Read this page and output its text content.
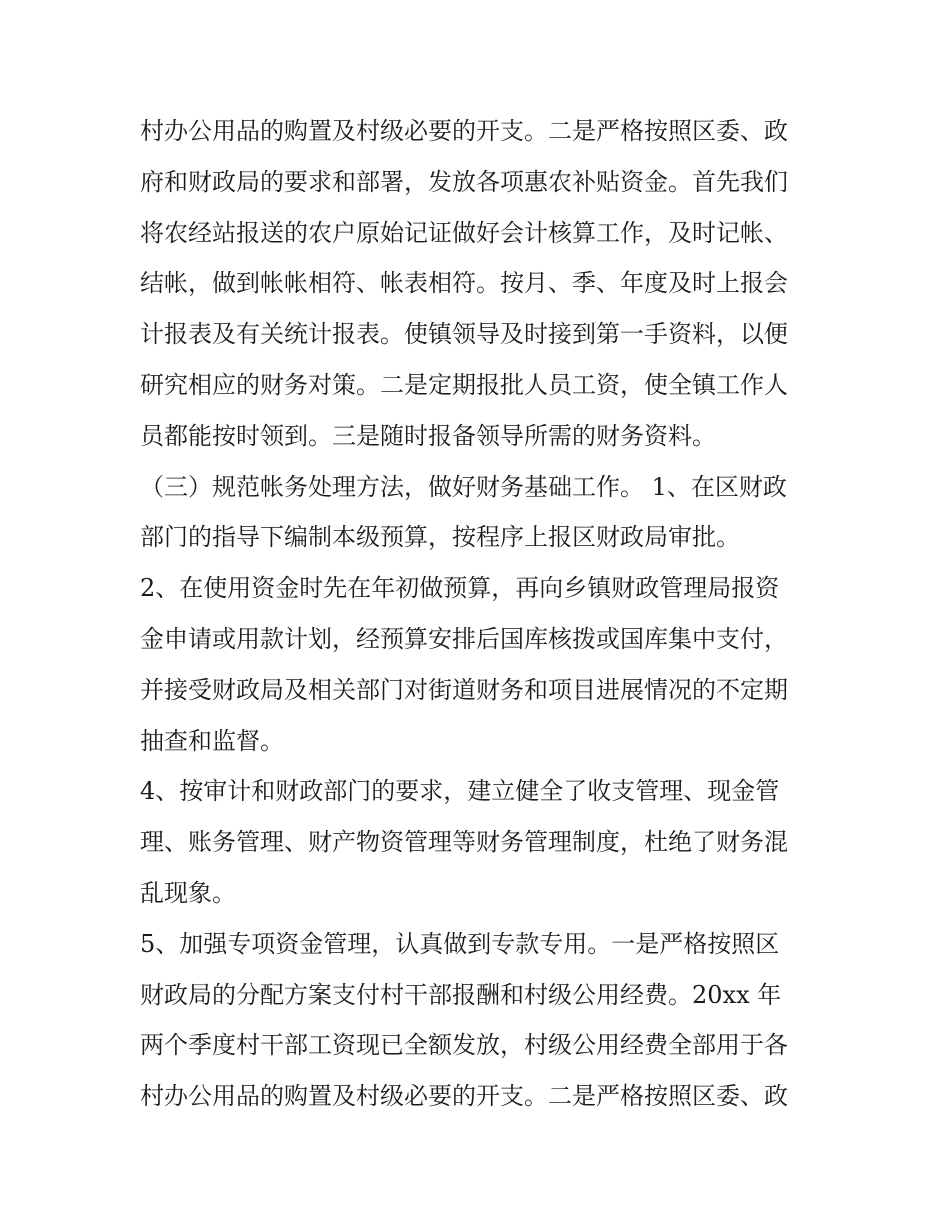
村办公用品的购置及村级必要的开支。二是严格按照区委、政
府和财政局的要求和部署，发放各项惠农补贴资金。首先我们
将农经站报送的农户原始记证做好会计核算工作，及时记帐、
结帐，做到帐帐相符、帐表相符。按月、季、年度及时上报会
计报表及有关统计报表。使镇领导及时接到第一手资料，以便
研究相应的财务对策。二是定期报批人员工资，使全镇工作人
员都能按时领到。三是随时报备领导所需的财务资料。
（三）规范帐务处理方法，做好财务基础工作。 1、在区财政
部门的指导下编制本级预算，按程序上报区财政局审批。
2、在使用资金时先在年初做预算，再向乡镇财政管理局报资
金申请或用款计划，经预算安排后国库核拨或国库集中支付，
并接受财政局及相关部门对街道财务和项目进展情况的不定期
抽查和监督。
4、按审计和财政部门的要求，建立健全了收支管理、现金管
理、账务管理、财产物资管理等财务管理制度，杜绝了财务混
乱现象。
5、加强专项资金管理，认真做到专款专用。一是严格按照区
财政局的分配方案支付村干部报酬和村级公用经费。20xx 年
两个季度村干部工资现已全额发放，村级公用经费全部用于各
村办公用品的购置及村级必要的开支。二是严格按照区委、政
